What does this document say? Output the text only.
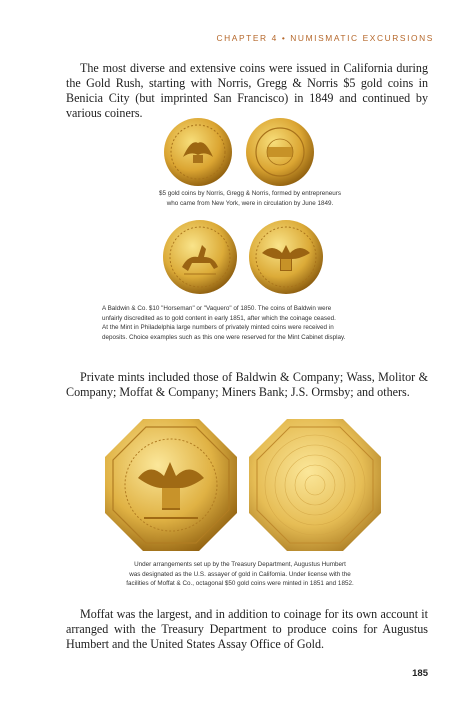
CHAPTER 4 • NUMISMATIC EXCURSIONS

The most diverse and extensive coins were issued in California during the Gold Rush, starting with Norris, Gregg & Norris $5 gold coins in Benicia City (but imprinted San Francisco) in 1849 and continued by various coiners.

$5 gold coins by Norris, Gregg & Norris, formed by entrepreneurs
who came from New York, were in circulation by June 1849.
A Baldwin & Co. $10 "Horseman" or "Vaquero" of 1850. The coins of Baldwin were
unfairly discredited as to gold content in early 1851, after which the coinage ceased.
At the Mint in Philadelphia large numbers of privately minted coins were received in
deposits. Choice examples such as this one were reserved for the Mint Cabinet display.

Private mints included those of Baldwin & Company; Wass, Molitor & Company; Moffat & Company; Miners Bank; J.S. Ormsby; and others.

Under arrangements set up by the Treasury Department, Augustus Humbert
was designated as the U.S. assayer of gold in California. Under license with the
facilities of Moffat & Co., octagonal $50 gold coins were minted in 1851 and 1852.

Moffat was the largest, and in addition to coinage for its own account it arranged with the Treasury Department to produce coins for Augustus Humbert and the United States Assay Office of Gold.

185
